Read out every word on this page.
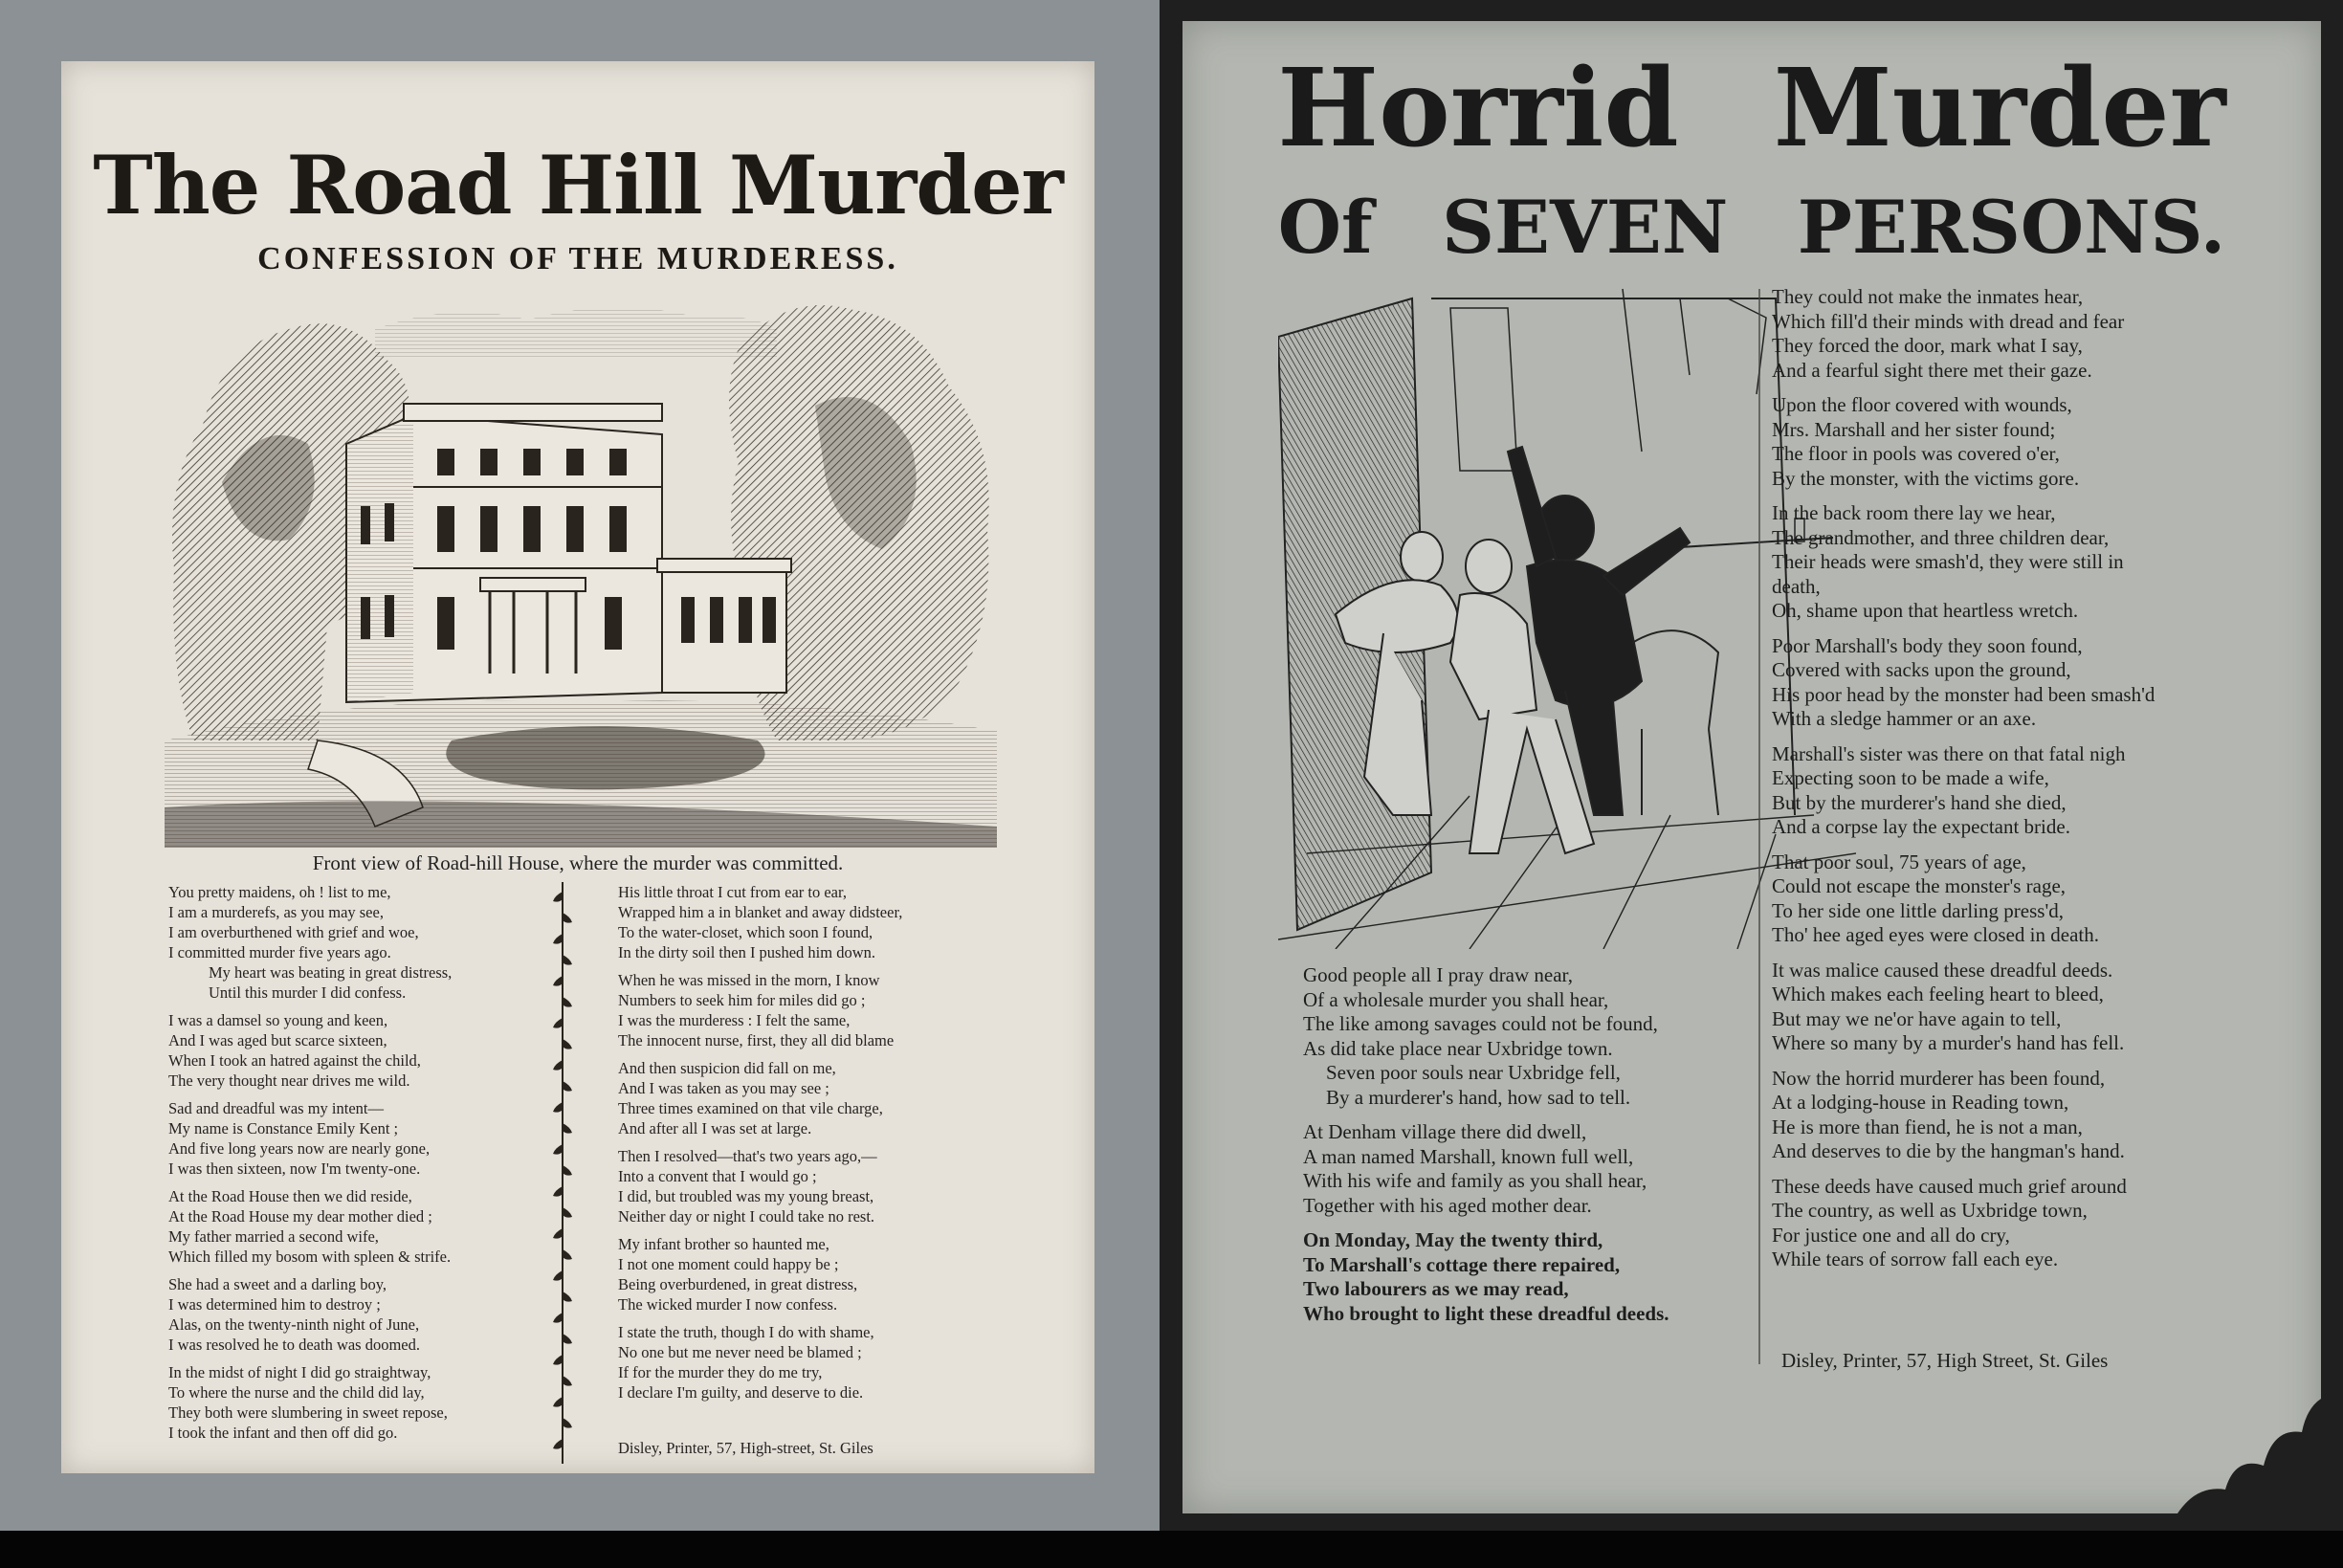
The Road Hill Murder
CONFESSION OF THE MURDERESS.
Front view of Road-hill House, where the murder was committed.
You pretty maidens, oh ! list to me,
I am a murderefs, as you may see,
I am overburthened with grief and woe,
I committed murder five years ago.
My heart was beating in great distress,
Until this murder I did confess.
I was a damsel so young and keen,
And I was aged but scarce sixteen,
When I took an hatred against the child,
The very thought near drives me wild.
Sad and dreadful was my intent—
My name is Constance Emily Kent ;
And five long years now are nearly gone,
I was then sixteen, now I'm twenty-one.
At the Road House then we did reside,
At the Road House my dear mother died ;
My father married a second wife,
Which filled my bosom with spleen & strife.
She had a sweet and a darling boy,
I was determined him to destroy ;
Alas, on the twenty-ninth night of June,
I was resolved he to death was doomed.
In the midst of night I did go straightway,
To where the nurse and the child did lay,
They both were slumbering in sweet repose,
I took the infant and then off did go.
His little throat I cut from ear to ear,
Wrapped him a in blanket and away didsteer,
To the water-closet, which soon I found,
In the dirty soil then I pushed him down.
When he was missed in the morn, I know
Numbers to seek him for miles did go ;
I was the murderess : I felt the same,
The innocent nurse, first, they all did blame
And then suspicion did fall on me,
And I was taken as you may see ;
Three times examined on that vile charge,
And after all I was set at large.
Then I resolved—that's two years ago,—
Into a convent that I would go ;
I did, but troubled was my young breast,
Neither day or night I could take no rest.
My infant brother so haunted me,
I not one moment could happy be ;
Being overburdened, in great distress,
The wicked murder I now confess.
I state the truth, though I do with shame,
No one but me never need be blamed ;
If for the murder they do me try,
I declare I'm guilty, and deserve to die.
Disley, Printer, 57, High-street, St. Giles
Horrid Murder
Of SEVEN PERSONS.
Good people all I pray draw near,
Of a wholesale murder you shall hear,
The like among savages could not be found,
As did take place near Uxbridge town.
Seven poor souls near Uxbridge fell,
By a murderer's hand, how sad to tell.
At Denham village there did dwell,
A man named Marshall, known full well,
With his wife and family as you shall hear,
Together with his aged mother dear.
On Monday, May the twenty third,
To Marshall's cottage there repaired,
Two labourers as we may read,
Who brought to light these dreadful deeds.
They could not make the inmates hear,
Which fill'd their minds with dread and fear
They forced the door, mark what I say,
And a fearful sight there met their gaze.
Upon the floor covered with wounds,
Mrs. Marshall and her sister found;
The floor in pools was covered o'er,
By the monster, with the victims gore.
In the back room there lay we hear,
The grandmother, and three children dear,
Their heads were smash'd, they were still in
death,
Oh, shame upon that heartless wretch.
Poor Marshall's body they soon found,
Covered with sacks upon the ground,
His poor head by the monster had been smash'd
With a sledge hammer or an axe.
Marshall's sister was there on that fatal nigh
Expecting soon to be made a wife,
But by the murderer's hand she died,
And a corpse lay the expectant bride.
That poor soul, 75 years of age,
Could not escape the monster's rage,
To her side one little darling press'd,
Tho' hee aged eyes were closed in death.
It was malice caused these dreadful deeds.
Which makes each feeling heart to bleed,
But may we ne'or have again to tell,
Where so many by a murder's hand has fell.
Now the horrid murderer has been found,
At a lodging-house in Reading town,
He is more than fiend, he is not a man,
And deserves to die by the hangman's hand.
These deeds have caused much grief around
The country, as well as Uxbridge town,
For justice one and all do cry,
While tears of sorrow fall each eye.
Disley, Printer, 57, High Street, St. Giles
